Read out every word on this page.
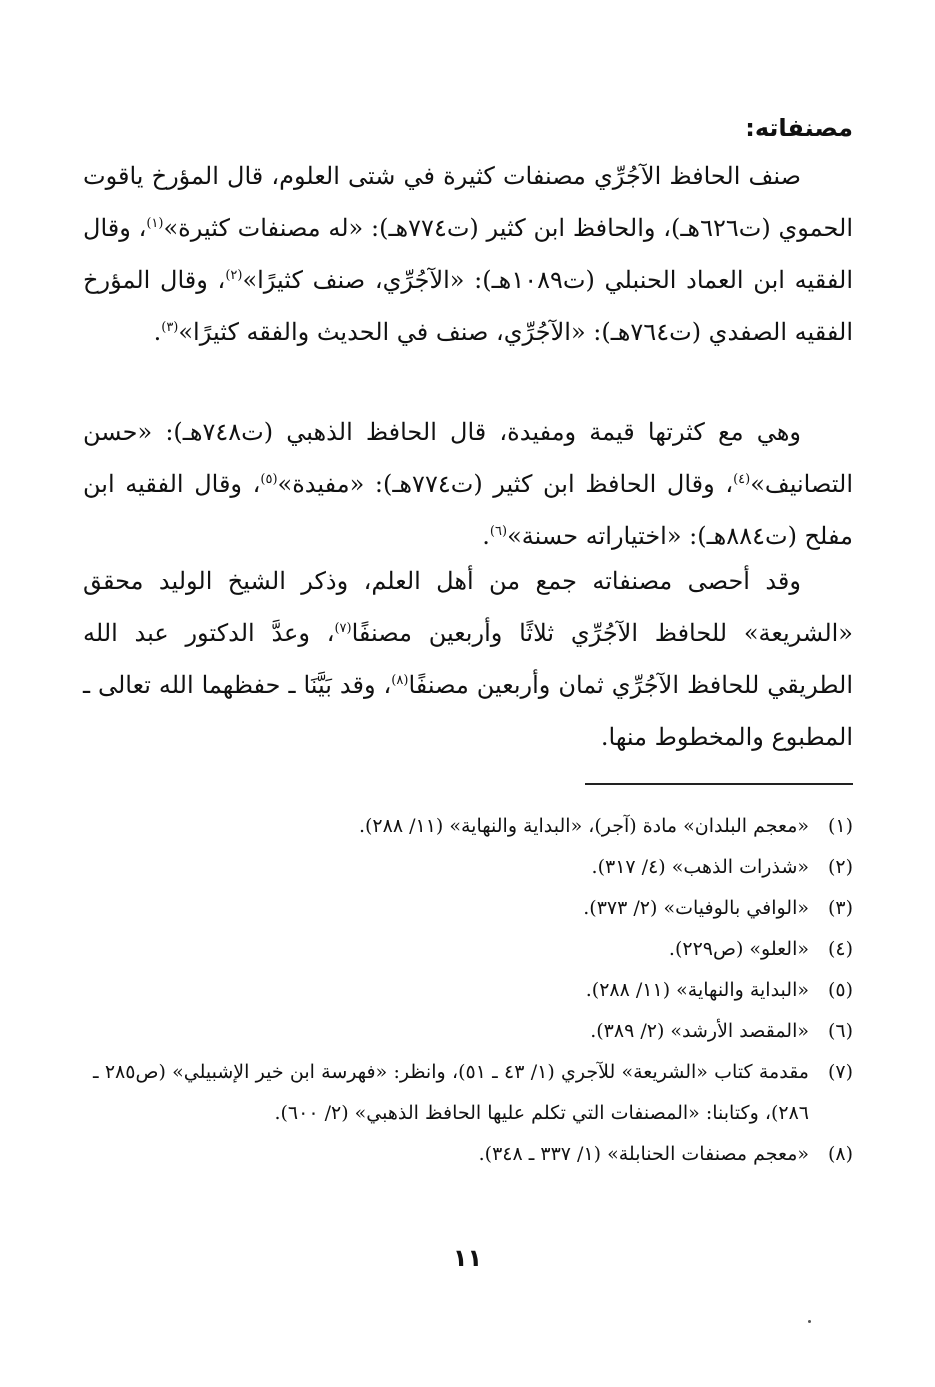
مصنفاته:

صنف الحافظ الآجُرِّي مصنفات كثيرة في شتى العلوم، قال المؤرخ ياقوت الحموي (ت٦٢٦هـ)، والحافظ ابن كثير (ت٧٧٤هـ): «له مصنفات كثيرة»$^{(١)}$، وقال الفقيه ابن العماد الحنبلي (ت١٠٨٩هـ): «الآجُرِّي، صنف كثيرًا»$^{(٢)}$، وقال المؤرخ الفقيه الصفدي (ت٧٦٤هـ): «الآجُرِّي، صنف في الحديث والفقه كثيرًا»$^{(٣)}$.

وهي مع كثرتها قيمة ومفيدة، قال الحافظ الذهبي (ت٧٤٨هـ): «حسن التصانيف»$^{(٤)}$، وقال الحافظ ابن كثير (ت٧٧٤هـ): «مفيدة»$^{(٥)}$، وقال الفقيه ابن مفلح (ت٨٨٤هـ): «اختياراته حسنة»$^{(٦)}$.

وقد أحصى مصنفاته جمع من أهل العلم، وذكر الشيخ الوليد محقق «الشريعة» للحافظ الآجُرِّي ثلاثًا وأربعين مصنفًا$^{(٧)}$، وعدَّ الدكتور عبد الله الطريقي للحافظ الآجُرِّي ثمان وأربعين مصنفًا$^{(٨)}$، وقد بَيَّنَا ـ حفظهما الله تعالى ـ المطبوع والمخطوط منها.

(١)
«معجم البلدان» مادة (آجر)، «البداية والنهاية» (١١/ ٢٨٨).
(٢)
«شذرات الذهب» (٤/ ٣١٧).
(٣)
«الوافي بالوفيات» (٢/ ٣٧٣).
(٤)
«العلو» (ص٢٢٩).
(٥)
«البداية والنهاية» (١١/ ٢٨٨).
(٦)
«المقصد الأرشد» (٢/ ٣٨٩).
(٧)
مقدمة كتاب «الشريعة» للآجري (١/ ٤٣ ـ ٥١)، وانظر: «فهرسة ابن خير الإشبيلي» (ص٢٨٥ ـ ٢٨٦)، وكتابنا: «المصنفات التي تكلم عليها الحافظ الذهبي» (٢/ ٦٠٠).
(٨)
«معجم مصنفات الحنابلة» (١/ ٣٣٧ ـ ٣٤٨).
١١
